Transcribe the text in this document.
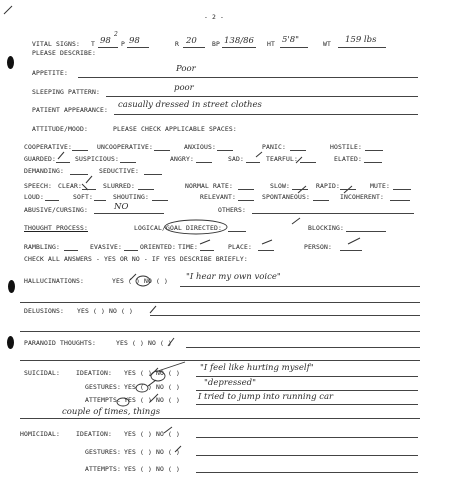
- 2 -
VITAL SIGNS: T 98
2
P 98	R 20 BP 138/86 HT 5'8"	WT 159 lbs
PLEASE DESCRIBE:
APPETITE:	Poor
SLEEPING PATTERN:	poor
PATIENT APPEARANCE: casually dressed in street clothes
ATTITUDE/MOOD:	PLEASE CHECK APPLICABLE SPACES:
COOPERATIVE:	UNCOOPERATIVE:	ANXIOUS:	PANIC:	HOSTILE:
GUARDED:	SUSPICIOUS:	ANGRY:	SAD:	TEARFUL:	ELATED:
DEMANDING:	SEDUCTIVE:
SPEECH: CLEAR:	SLURRED:	NORMAL RATE:	SLOW:	RAPID:	MUTE:
LOUD:	SOFT:	SHOUTING:	RELEVANT:	SPONTANEOUS:	INCOHERENT:
ABUSIVE/CURSING:	NO	OTHERS:
THOUGHT PROCESS:	LOGICAL/ GOAL DIRECTED:	BLOCKING:
RAMBLING:	EVASIVE:	ORIENTED: TIME:	PLACE:	PERSON:
CHECK ALL ANSWERS - YES OR NO - IF YES DESCRIBE BRIEFLY:
HALLUCINATIONS:	YES ( ) NO ( ) "I hear my own voice"
DELUSIONS: YES ( ) NO ( )
PARANOID THOUGHTS:	YES ( ) NO ( )
SUICIDAL:	IDEATION: YES ( ) NO ( ) "I feel like hurting myself"
GESTURES: YES ( ) NO ( )	"depressed"
ATTEMPTS: YES ( ) NO ( ) I tried to jump into running car
couple of times, things
HOMICIDAL:	IDEATION: YES ( ) NO ( )
GESTURES: YES ( ) NO ( )
ATTEMPTS: YES ( ) NO ( )
